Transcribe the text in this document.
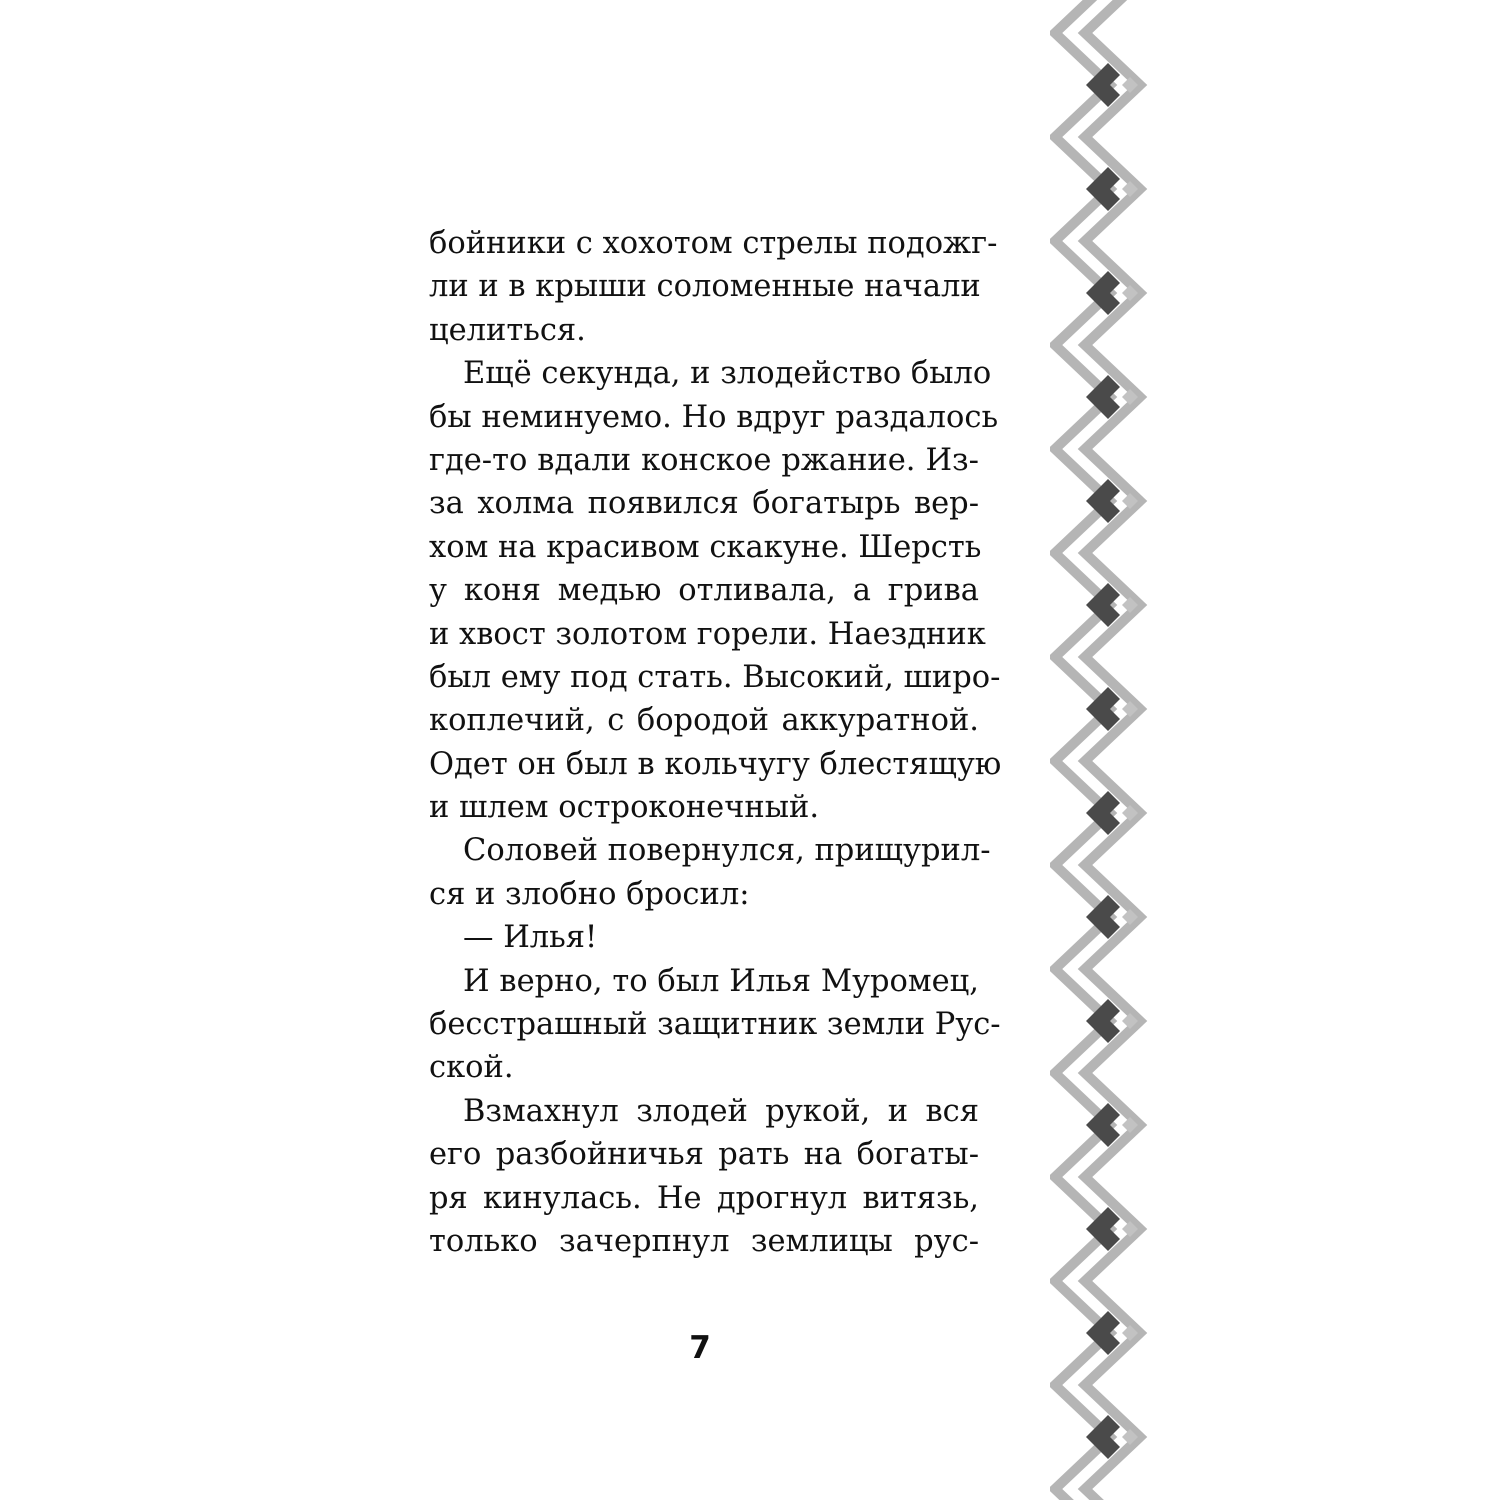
бойники с хохотом стрелы подожг-
ли и в крыши соломенные начали
целиться.
Ещё секунда, и злодейство было
бы неминуемо. Но вдруг раздалось
где-то вдали конское ржание. Из-
за холма появился богатырь вер-
хом на красивом скакуне. Шерсть
у коня медью отливала, а грива
и хвост золотом горели. Наездник
был ему под стать. Высокий, широ-
коплечий, с бородой аккуратной.
Одет он был в кольчугу блестящую
и шлем остроконечный.
Соловей повернулся, прищурил-
ся и злобно бросил:
— Илья!
И верно, то был Илья Муромец,
бесстрашный защитник земли Рус-
ской.
Взмахнул злодей рукой, и вся
его разбойничья рать на богаты-
ря кинулась. Не дрогнул витязь,
только зачерпнул землицы рус-
7
